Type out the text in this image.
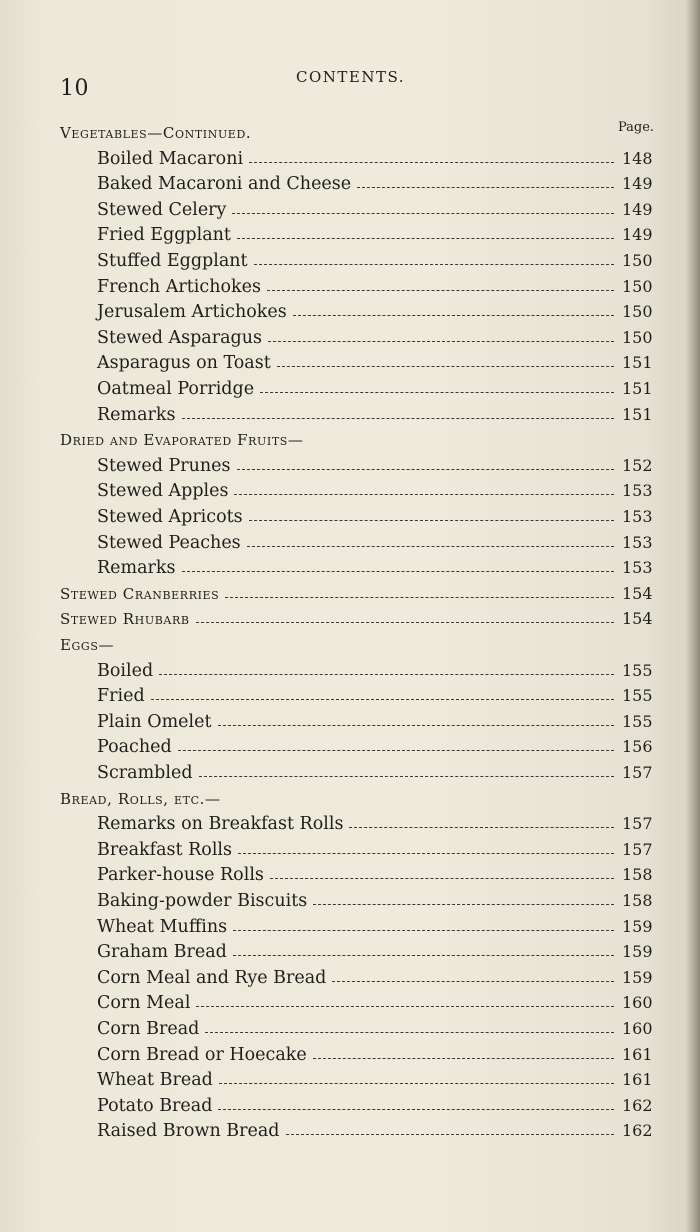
10	CONTENTS.
Page.
Vegetables—Continued.
Boiled Macaroni	148
Baked Macaroni and Cheese	149
Stewed Celery	149
Fried Eggplant	149
Stuffed Eggplant	150
French Artichokes	150
Jerusalem Artichokes	150
Stewed Asparagus	150
Asparagus on Toast	151
Oatmeal Porridge	151
Remarks	151
Dried and Evaporated Fruits—
Stewed Prunes	152
Stewed Apples	153
Stewed Apricots	153
Stewed Peaches	153
Remarks	153
Stewed Cranberries	154
Stewed Rhubarb	154
Eggs—
Boiled	155
Fried	155
Plain Omelet	155
Poached	156
Scrambled	157
Bread, Rolls, etc.—
Remarks on Breakfast Rolls	157
Breakfast Rolls	157
Parker-house Rolls	158
Baking-powder Biscuits	158
Wheat Muffins	159
Graham Bread	159
Corn Meal and Rye Bread	159
Corn Meal	160
Corn Bread	160
Corn Bread or Hoecake	161
Wheat Bread	161
Potato Bread	162
Raised Brown Bread	162
